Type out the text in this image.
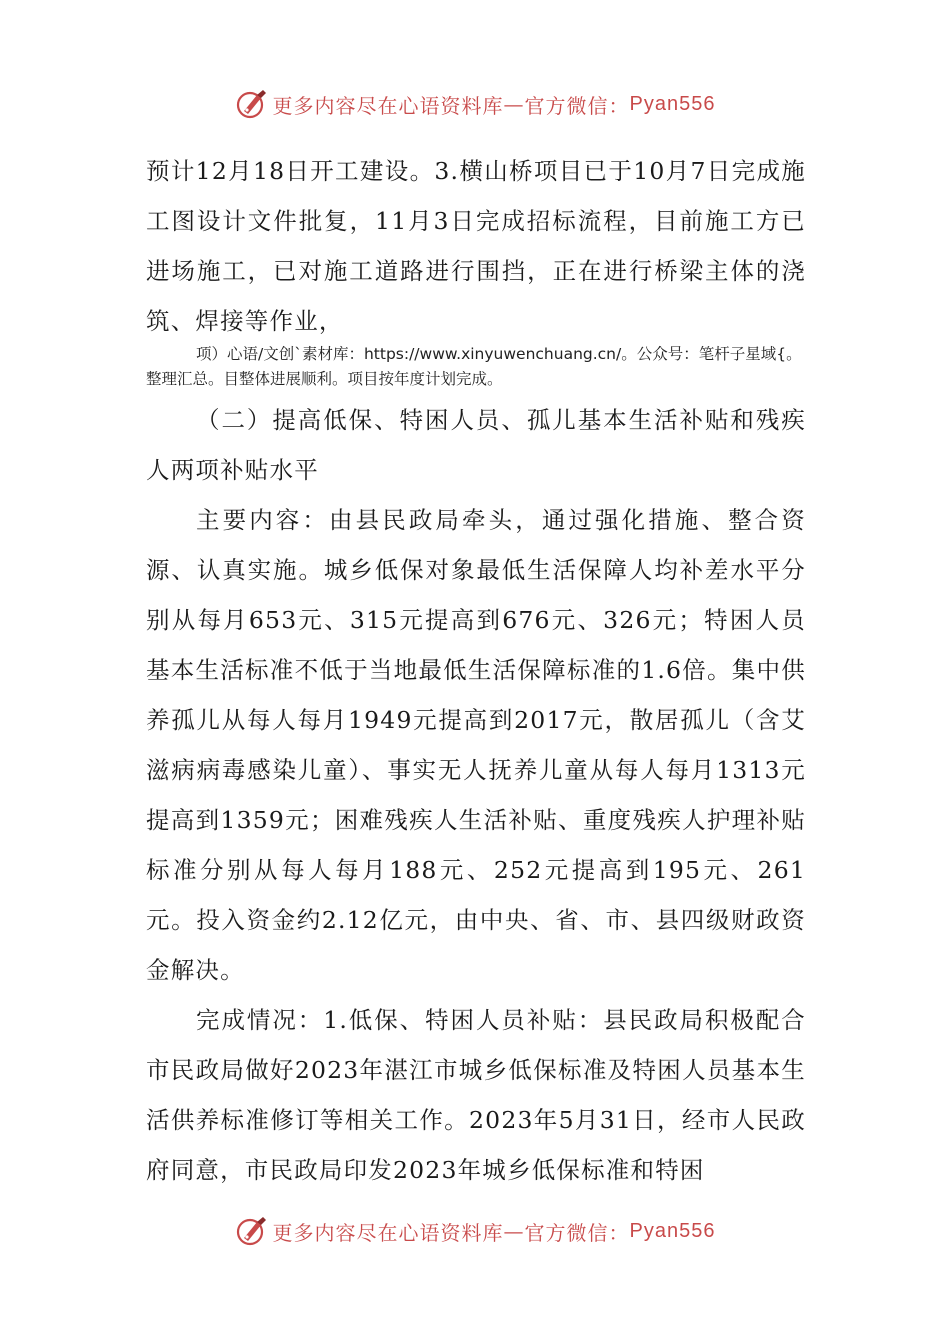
更多内容尽在心语资料库 — 官方微信： Pyan556

预计12月18日开工建设。3.横山桥项目已于10月7日完成施工图设计文件批复，11月3日完成招标流程，目前施工方已进场施工，已对施工道路进行围挡，正在进行桥梁主体的浇筑、焊接等作业，

项）心语/文创`素材库：https://www.xinyuwenchuang.cn/。公众号：笔杆子星域{。整理汇总。目整体进展顺利。项目按年度计划完成。

（二）提高低保、特困人员、孤儿基本生活补贴和残疾人两项补贴水平

主要内容：由县民政局牵头，通过强化措施、整合资源、认真实施。城乡低保对象最低生活保障人均补差水平分别从每月653元、315元提高到676元、326元；特困人员基本生活标准不低于当地最低生活保障标准的1.6倍。集中供养孤儿从每人每月1949元提高到2017元，散居孤儿（含艾滋病病毒感染儿童）、事实无人抚养儿童从每人每月1313元提高到1359元；困难残疾人生活补贴、重度残疾人护理补贴标准分别从每人每月188元、252元提高到195元、261元。投入资金约2.12亿元，由中央、省、市、县四级财政资金解决。

完成情况：1.低保、特困人员补贴：县民政局积极配合市民政局做好2023年湛江市城乡低保标准及特困人员基本生活供养标准修订等相关工作。2023年5月31日，经市人民政府同意，市民政局印发2023年城乡低保标准和特困

更多内容尽在心语资料库 — 官方微信： Pyan556
